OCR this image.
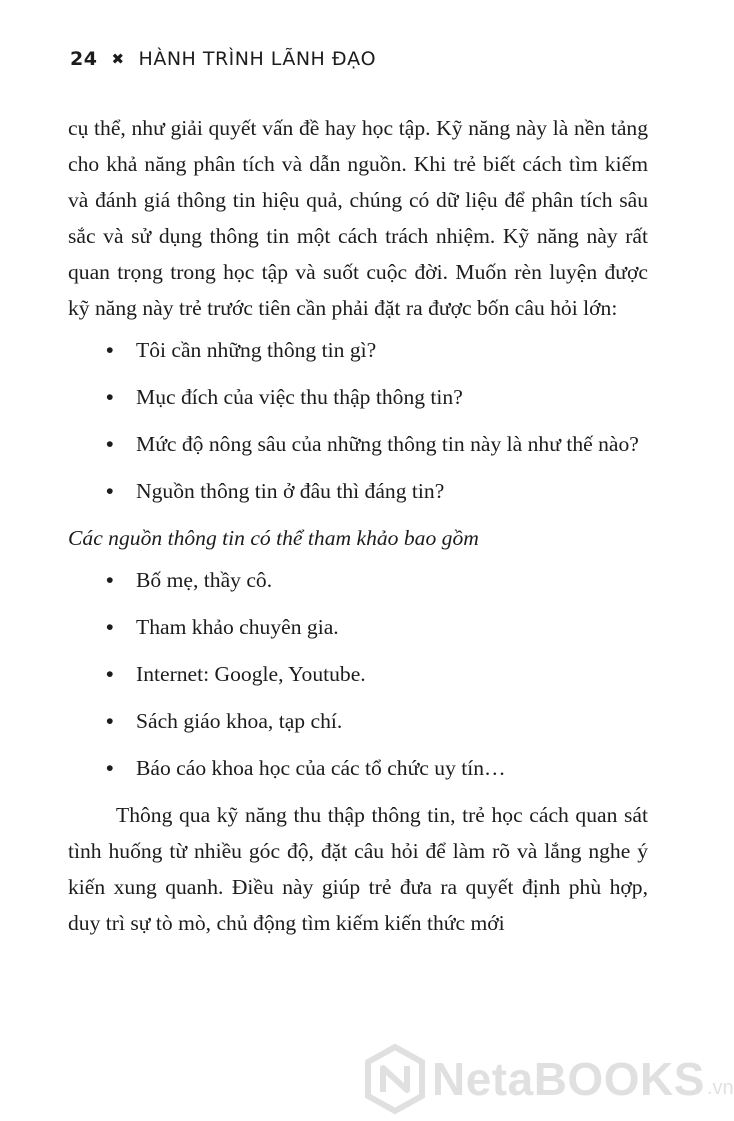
24 ✖ HÀNH TRÌNH LÃNH ĐẠO

cụ thể, như giải quyết vấn đề hay học tập. Kỹ năng này là nền tảng cho khả năng phân tích và dẫn nguồn. Khi trẻ biết cách tìm kiếm và đánh giá thông tin hiệu quả, chúng có dữ liệu để phân tích sâu sắc và sử dụng thông tin một cách trách nhiệm. Kỹ năng này rất quan trọng trong học tập và suốt cuộc đời. Muốn rèn luyện được kỹ năng này trẻ trước tiên cần phải đặt ra được bốn câu hỏi lớn:

• Tôi cần những thông tin gì?
• Mục đích của việc thu thập thông tin?
• Mức độ nông sâu của những thông tin này là như thế nào?
• Nguồn thông tin ở đâu thì đáng tin?

Các nguồn thông tin có thể tham khảo bao gồm

• Bố mẹ, thầy cô.
• Tham khảo chuyên gia.
• Internet: Google, Youtube.
• Sách giáo khoa, tạp chí.
• Báo cáo khoa học của các tổ chức uy tín…

Thông qua kỹ năng thu thập thông tin, trẻ học cách quan sát tình huống từ nhiều góc độ, đặt câu hỏi để làm rõ và lắng nghe ý kiến xung quanh. Điều này giúp trẻ đưa ra quyết định phù hợp, duy trì sự tò mò, chủ động tìm kiếm kiến thức mới

NetaBOOKS .vn
